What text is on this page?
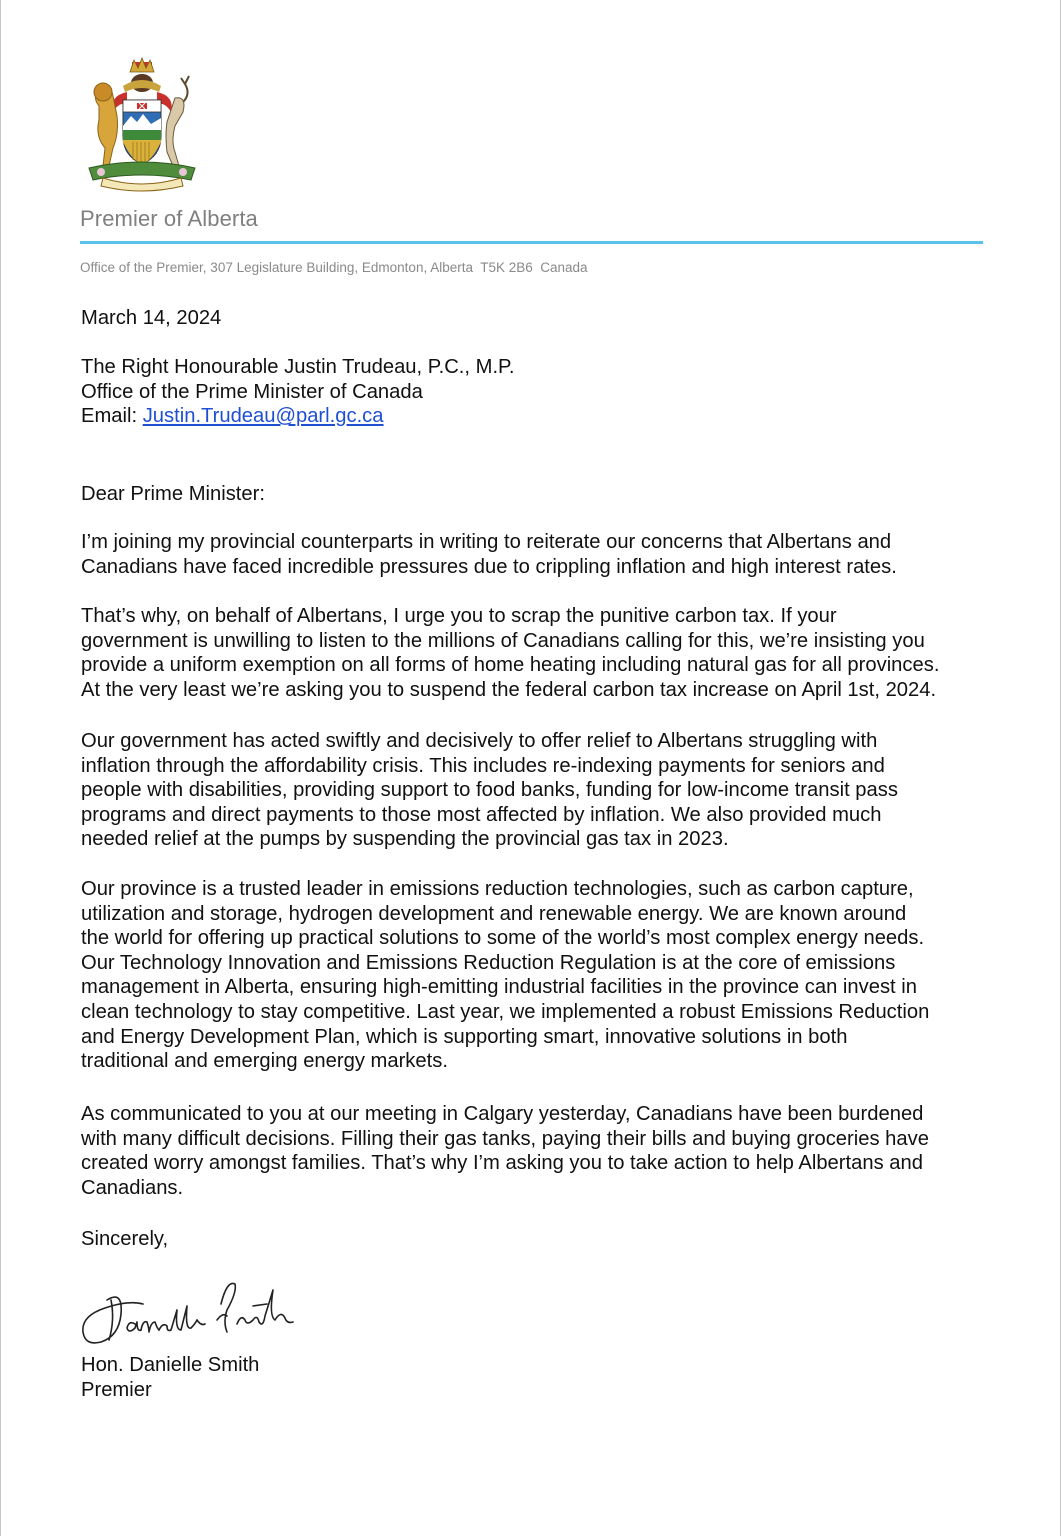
Premier of Alberta
Office of the Premier, 307 Legislature Building, Edmonton, Alberta  T5K 2B6  Canada
March 14, 2024
The Right Honourable Justin Trudeau, P.C., M.P.
Office of the Prime Minister of Canada
Email: Justin.Trudeau@parl.gc.ca
Dear Prime Minister:
I’m joining my provincial counterparts in writing to reiterate our concerns that Albertans and
Canadians have faced incredible pressures due to crippling inflation and high interest rates.
That’s why, on behalf of Albertans, I urge you to scrap the punitive carbon tax. If your
government is unwilling to listen to the millions of Canadians calling for this, we’re insisting you
provide a uniform exemption on all forms of home heating including natural gas for all provinces.
At the very least we’re asking you to suspend the federal carbon tax increase on April 1st, 2024.
Our government has acted swiftly and decisively to offer relief to Albertans struggling with
inflation through the affordability crisis. This includes re-indexing payments for seniors and
people with disabilities, providing support to food banks, funding for low-income transit pass
programs and direct payments to those most affected by inflation. We also provided much
needed relief at the pumps by suspending the provincial gas tax in 2023.
Our province is a trusted leader in emissions reduction technologies, such as carbon capture,
utilization and storage, hydrogen development and renewable energy. We are known around
the world for offering up practical solutions to some of the world’s most complex energy needs.
Our Technology Innovation and Emissions Reduction Regulation is at the core of emissions
management in Alberta, ensuring high-emitting industrial facilities in the province can invest in
clean technology to stay competitive. Last year, we implemented a robust Emissions Reduction
and Energy Development Plan, which is supporting smart, innovative solutions in both
traditional and emerging energy markets.
As communicated to you at our meeting in Calgary yesterday, Canadians have been burdened
with many difficult decisions. Filling their gas tanks, paying their bills and buying groceries have
created worry amongst families. That’s why I’m asking you to take action to help Albertans and
Canadians.
Sincerely,
Hon. Danielle Smith
Premier
